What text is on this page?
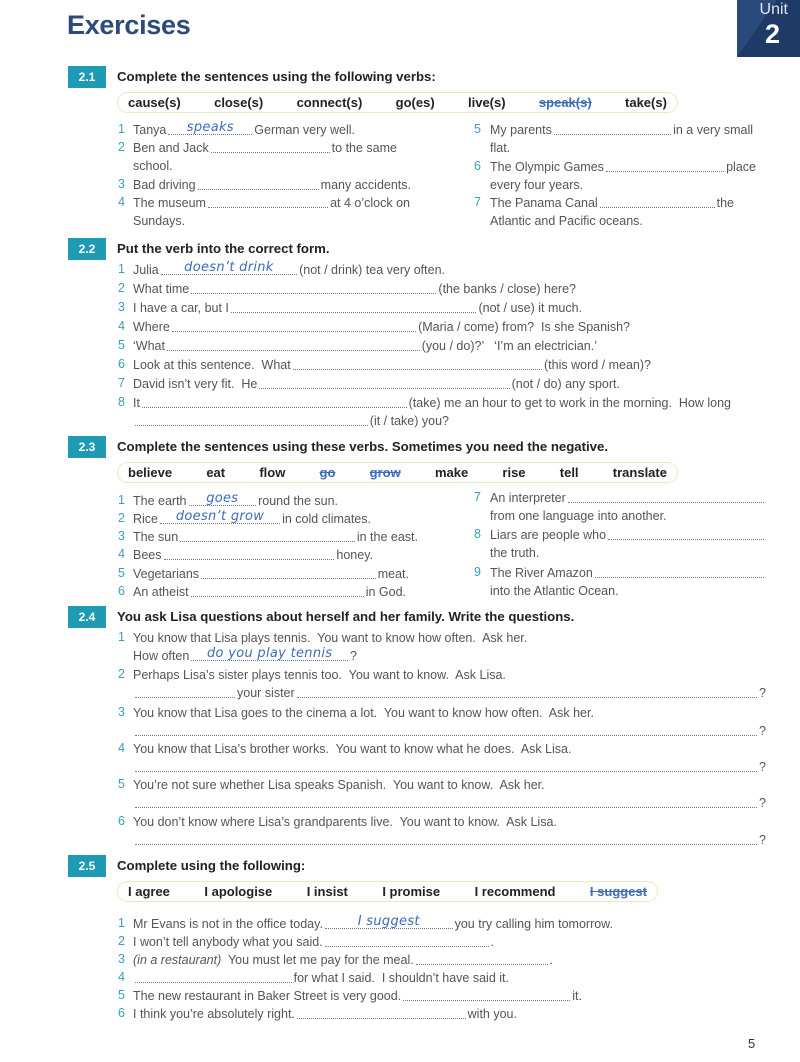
Exercises
Unit
2
2.1	Complete the sentences using the following verbs:
cause(s)	close(s)	connect(s)	go(es)	live(s)	speak(s)	take(s)
1 Tanya	speaks	German very well.
2 Ben and Jack	to the same
school.
3 Bad driving	many accidents.
4 The museum	at 4 o’clock on
Sundays.
5 My parents	in a very small
flat.
6 The Olympic Games	place
every four years.
7 The Panama Canal	the
Atlantic and Pacific oceans.
2.2	Put the verb into the correct form.
1 Julia	doesn’t drink	(not / drink) tea very often.
2 What time	(the banks / close) here?
3 I have a car, but I	(not / use) it much.
4 Where	(Maria / come) from?  Is she Spanish?
5 ‘What	(you / do)?’   ‘I’m an electrician.’
6 Look at this sentence.  What	(this word / mean)?
7 David isn’t very fit.  He	(not / do) any sport.
8 It	(take) me an hour to get to work in the morning.  How long
(it / take) you?
2.3	Complete the sentences using these verbs. Sometimes you need the negative.
believe	eat	flow	go	grow	make	rise	tell	translate
1 The earth	goes	round the sun.
2 Rice	doesn’t grow	in cold climates.
3 The sun	in the east.
4 Bees	honey.
5 Vegetarians	meat.
6 An atheist	in God.
7 An interpreter
from one language into another.
8 Liars are people who
the truth.
9 The River Amazon
into the Atlantic Ocean.
2.4	You ask Lisa questions about herself and her family. Write the questions.
1 You know that Lisa plays tennis.  You want to know how often.  Ask her.
How often	do you play tennis	?
2 Perhaps Lisa’s sister plays tennis too.  You want to know.  Ask Lisa.
your sister	?
3 You know that Lisa goes to the cinema a lot.  You want to know how often.  Ask her.
?
4 You know that Lisa’s brother works.  You want to know what he does.  Ask Lisa.
?
5 You’re not sure whether Lisa speaks Spanish.  You want to know.  Ask her.
?
6 You don’t know where Lisa’s grandparents live.  You want to know.  Ask Lisa.
?
2.5	Complete using the following:
I agree	I apologise	I insist	I promise	I recommend	I suggest
1 Mr Evans is not in the office today.	I suggest	you try calling him tomorrow.
2 I won’t tell anybody what you said.	.
3 (in a restaurant) You must let me pay for the meal.	.
4	for what I said.  I shouldn’t have said it.
5 The new restaurant in Baker Street is very good.	it.
6 I think you’re absolutely right.	with you.
5
